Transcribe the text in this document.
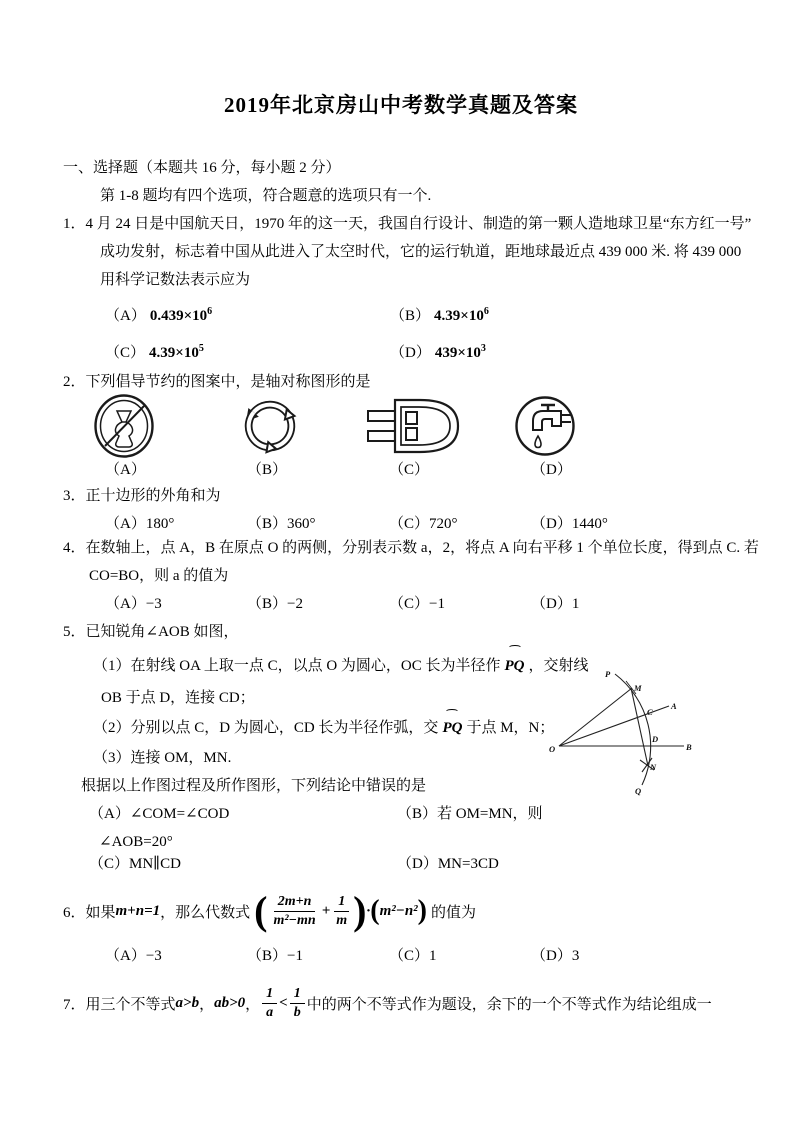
2019年北京房山中考数学真题及答案
一、选择题（本题共 16 分，每小题 2 分）
第 1-8 题均有四个选项，符合题意的选项只有一个.
1．4 月 24 日是中国航天日，1970 年的这一天，我国自行设计、制造的第一颗人造地球卫星“东方红一号”
成功发射，标志着中国从此进入了太空时代，它的运行轨道，距地球最近点 439 000 米. 将 439 000
用科学记数法表示应为
（A） $0.439\times 10^6$	（B） $4.39\times 10^6$
（C） $4.39\times 10^5$	（D） $439\times 10^3$
2．下列倡导节约的图案中，是轴对称图形的是
（A）	（B）	（C）	（D）
3．正十边形的外角和为
（A）180°	（B）360°	（C）720°	（D）1440°
4．在数轴上，点 A，B 在原点 O 的两侧，分别表示数 a，2，将点 A 向右平移 1 个单位长度，得到点 C. 若
CO=BO，则 a 的值为
（A）−3	（B）−2	（C）−1	（D）1
5．已知锐角∠AOB 如图，
（1）在射线 OA 上取一点 C，以点 O 为圆心，OC 长为半径作
⌢
PQ ，交射线
OB 于点 D，连接 CD；
（2）分别以点 C，D 为圆心，CD 长为半径作弧，交
⌢
PQ 于点 M，N；
（3）连接 OM，MN.
根据以上作图过程及所作图形，下列结论中错误的是
（A）∠COM=∠COD	（B）若 OM=MN，则
∠AOB=20°
（C）MN∥CD	（D）MN=3CD
6．如果 m+n=1 ，那么代数式 ( $\frac{2m+n}{\text{m²−mn}} + \frac{1}{m}$ ) · ( m²−n² ) 的值为
（A）−3	（B）−1	（C）1	（D）3
7．用三个不等式 a>b ， ab>0 ， $\frac{1}{a} < \frac{1}{b}$ 中的两个不等式作为题设，余下的一个不等式作为结论组成一
P
M
A
C
O
D
B
N
Q
